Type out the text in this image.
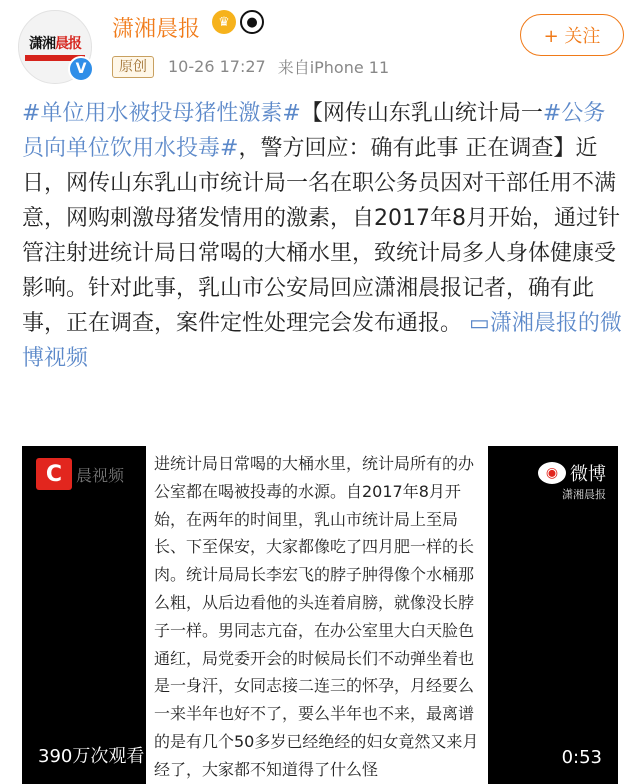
潇湘晨报
V
潇湘晨报	♛	●
原创	10-26 17:27 来自iPhone 11
+ 关注
#单位用水被投母猪性激素#【网传山东乳山统计局一#公务员向单位饮用水投毒#，警方回应：确有此事 正在调查】近日，网传山东乳山市统计局一名在职公务员因对干部任用不满意，网购刺激母猪发情用的激素，自2017年8月开始，通过针管注射进统计局日常喝的大桶水里，致统计局多人身体健康受影响。针对此事，乳山市公安局回应潇湘晨报记者，确有此事，正在调查，案件定性处理完会发布通报。 ▭潇湘晨报的微博视频
C 晨视频
进统计局日常喝的大桶水里，统计局所有的办公室都在喝被投毒的水源。自2017年8月开始，在两年的时间里，乳山市统计局上至局长、下至保安，大家都像吃了四月肥一样的长肉。统计局局长李宏飞的脖子肿得像个水桶那么粗，从后边看他的头连着肩膀，就像没长脖子一样。男同志亢奋，在办公室里大白天脸色通红，局党委开会的时候局长们不动弹坐着也是一身汗，女同志接二连三的怀孕，月经要么一来半年也好不了，要么半年也不来，最离谱的是有几个50多岁已经绝经的妇女竟然又来月经了，大家都不知道得了什么怪
◉ 微博
潇湘晨报
390万次观看	0:53
